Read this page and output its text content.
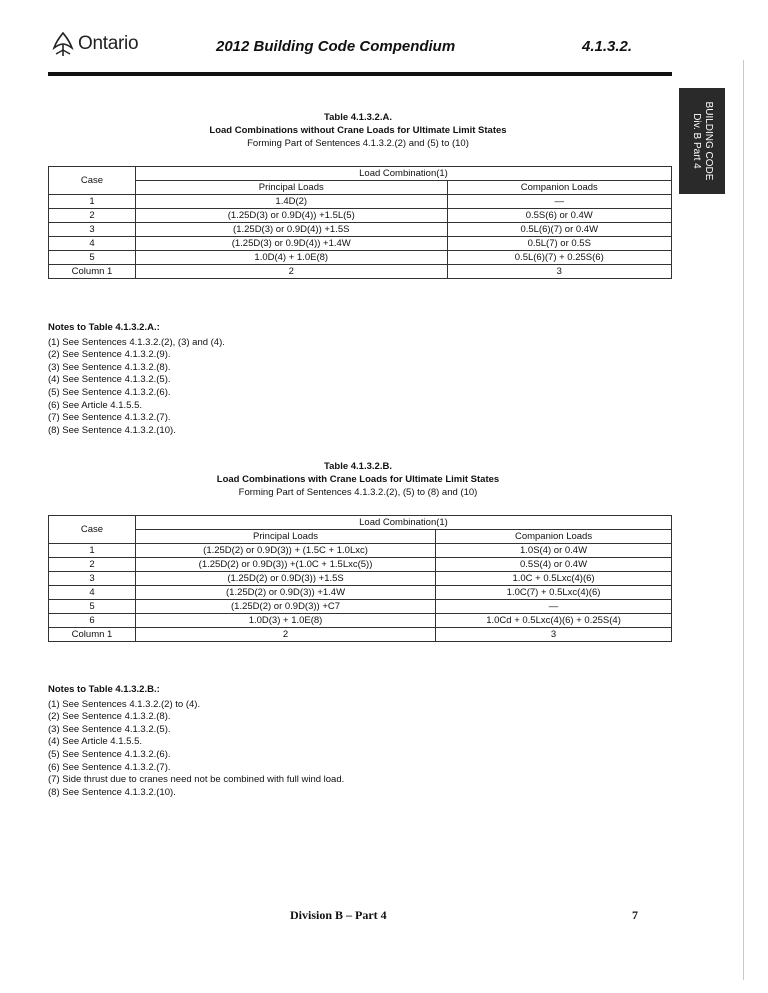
Ontario	2012 Building Code Compendium	4.1.3.2.
BUILDING CODE
Div. B Part 4
Table 4.1.3.2.A.
Load Combinations without Crane Loads for Ultimate Limit States
Forming Part of Sentences 4.1.3.2.(2) and (5) to (10)
Case	Load Combination(1)	
	Principal Loads	Companion Loads
1	1.4D(2)	—
2	(1.25D(3) or 0.9D(4)) +1.5L(5)	0.5S(6) or 0.4W
3	(1.25D(3) or 0.9D(4)) +1.5S	0.5L(6)(7) or 0.4W
4	(1.25D(3) or 0.9D(4)) +1.4W	0.5L(7) or 0.5S
5	1.0D(4) + 1.0E(8)	0.5L(6)(7) + 0.25S(6)
Column 1	2	3
Notes to Table 4.1.3.2.A.:
(1) See Sentences 4.1.3.2.(2), (3) and (4).
(2) See Sentence 4.1.3.2.(9).
(3) See Sentence 4.1.3.2.(8).
(4) See Sentence 4.1.3.2.(5).
(5) See Sentence 4.1.3.2.(6).
(6) See Article 4.1.5.5.
(7) See Sentence 4.1.3.2.(7).
(8) See Sentence 4.1.3.2.(10).
Table 4.1.3.2.B.
Load Combinations with Crane Loads for Ultimate Limit States
Forming Part of Sentences 4.1.3.2.(2), (5) to (8) and (10)
Case	Load Combination(1)	
	Principal Loads	Companion Loads
1	(1.25D(2) or 0.9D(3)) + (1.5C + 1.0Lxc)	1.0S(4) or 0.4W
2	(1.25D(2) or 0.9D(3)) +(1.0C + 1.5Lxc(5))	0.5S(4) or 0.4W
3	(1.25D(2) or 0.9D(3)) +1.5S	1.0C + 0.5Lxc(4)(6)
4	(1.25D(2) or 0.9D(3)) +1.4W	1.0C(7) + 0.5Lxc(4)(6)
5	(1.25D(2) or 0.9D(3)) +C7	—
6	1.0D(3) + 1.0E(8)	1.0Cd + 0.5Lxc(4)(6) + 0.25S(4)
Column 1	2	3
Notes to Table 4.1.3.2.B.:
(1) See Sentences 4.1.3.2.(2) to (4).
(2) See Sentence 4.1.3.2.(8).
(3) See Sentence 4.1.3.2.(5).
(4) See Article 4.1.5.5.
(5) See Sentence 4.1.3.2.(6).
(6) See Sentence 4.1.3.2.(7).
(7) Side thrust due to cranes need not be combined with full wind load.
(8) See Sentence 4.1.3.2.(10).
Division B – Part 4	7
